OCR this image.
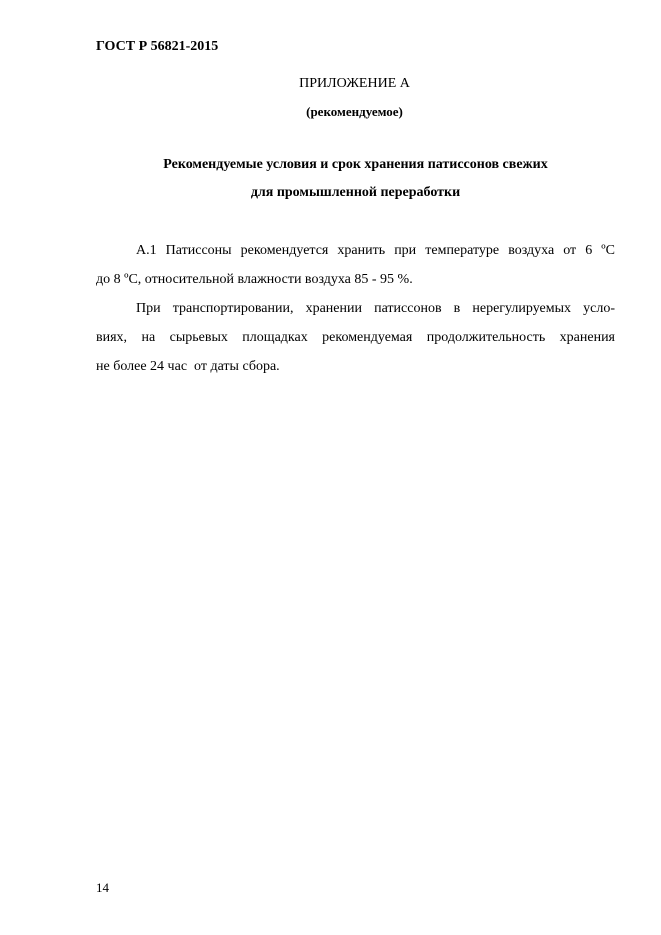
ГОСТ Р 56821-2015
ПРИЛОЖЕНИЕ А
(рекомендуемое)
Рекомендуемые условия и срок хранения патиссонов свежих
для промышленной переработки
А.1 Патиссоны рекомендуется хранить при температуре воздуха от 6 ºС
до 8 ºС, относительной влажности воздуха 85 - 95 %.
При транспортировании, хранении патиссонов в нерегулируемых усло-
виях, на сырьевых площадках рекомендуемая продолжительность хранения
не более 24 час  от даты сбора.
14
